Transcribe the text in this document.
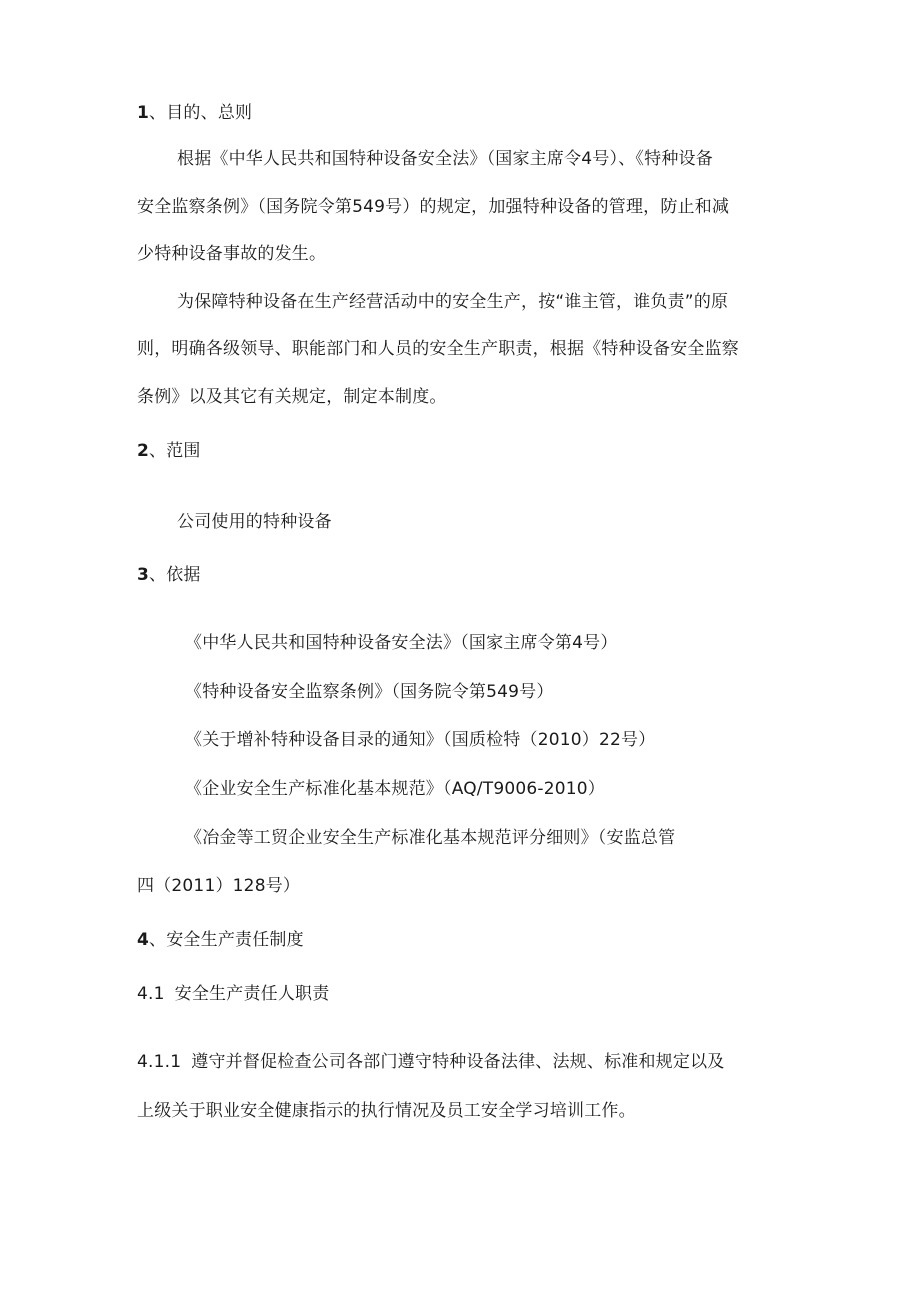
1、目的、总则
根据《中华人民共和国特种设备安全法》（国家主席令4号）、《特种设备
安全监察条例》（国务院令第549号）的规定，加强特种设备的管理，防止和减
少特种设备事故的发生。
为保障特种设备在生产经营活动中的安全生产，按“谁主管，谁负责”的原
则，明确各级领导、职能部门和人员的安全生产职责，根据《特种设备安全监察
条例》以及其它有关规定，制定本制度。
2、范围
公司使用的特种设备
3、依据
《中华人民共和国特种设备安全法》（国家主席令第4号）
《特种设备安全监察条例》（国务院令第549号）
《关于增补特种设备目录的通知》（国质检特（2010）22号）
《企业安全生产标准化基本规范》（AQ/T9006-2010）
《冶金等工贸企业安全生产标准化基本规范评分细则》（安监总管
四（2011）128号）
4、安全生产责任制度
4.1 安全生产责任人职责
4.1.1 遵守并督促检查公司各部门遵守特种设备法律、法规、标准和规定以及
上级关于职业安全健康指示的执行情况及员工安全学习培训工作。
